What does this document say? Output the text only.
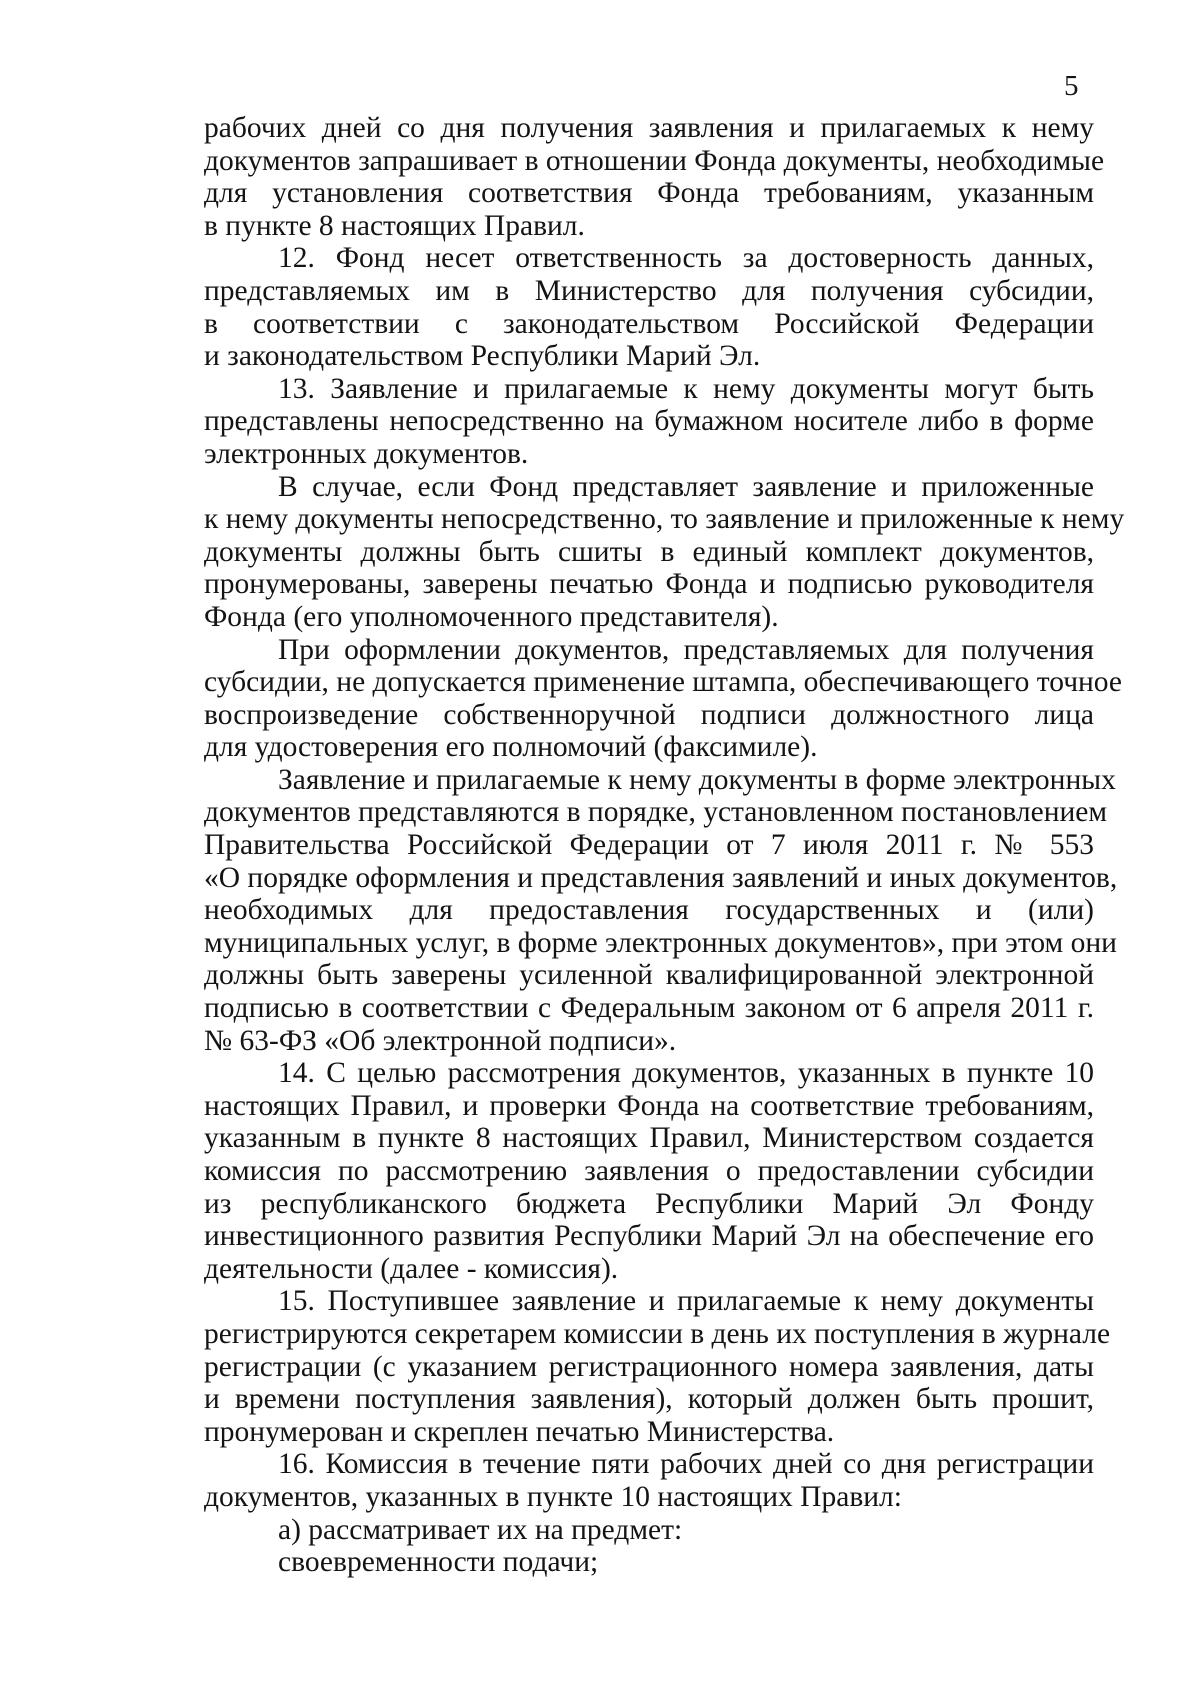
5
рабочих дней со дня получения заявления и прилагаемых к нему
документов запрашивает в отношении Фонда документы, необходимые
для установления соответствия Фонда требованиям, указанным
в пункте 8 настоящих Правил.
12. Фонд несет ответственность за достоверность данных,
представляемых им в Министерство для получения субсидии,
в соответствии с законодательством Российской Федерации
и законодательством Республики Марий Эл.
13. Заявление и прилагаемые к нему документы могут быть
представлены непосредственно на бумажном носителе либо в форме
электронных документов.
В случае, если Фонд представляет заявление и приложенные
к нему документы непосредственно, то заявление и приложенные к нему
документы должны быть сшиты в единый комплект документов,
пронумерованы, заверены печатью Фонда и подписью руководителя
Фонда (его уполномоченного представителя).
При оформлении документов, представляемых для получения
субсидии, не допускается применение штампа, обеспечивающего точное
воспроизведение собственноручной подписи должностного лица
для удостоверения его полномочий (факсимиле).
Заявление и прилагаемые к нему документы в форме электронных
документов представляются в порядке, установленном постановлением
Правительства Российской Федерации от 7 июля 2011 г. № 553
«О порядке оформления и представления заявлений и иных документов,
необходимых для предоставления государственных и (или)
муниципальных услуг, в форме электронных документов», при этом они
должны быть заверены усиленной квалифицированной электронной
подписью в соответствии с Федеральным законом от 6 апреля 2011 г.
№ 63-ФЗ «Об электронной подписи».
14. С целью рассмотрения документов, указанных в пункте 10
настоящих Правил, и проверки Фонда на соответствие требованиям,
указанным в пункте 8 настоящих Правил, Министерством создается
комиссия по рассмотрению заявления о предоставлении субсидии
из республиканского бюджета Республики Марий Эл Фонду
инвестиционного развития Республики Марий Эл на обеспечение его
деятельности (далее - комиссия).
15. Поступившее заявление и прилагаемые к нему документы
регистрируются секретарем комиссии в день их поступления в журнале
регистрации (с указанием регистрационного номера заявления, даты
и времени поступления заявления), который должен быть прошит,
пронумерован и скреплен печатью Министерства.
16. Комиссия в течение пяти рабочих дней со дня регистрации
документов, указанных в пункте 10 настоящих Правил:
а) рассматривает их на предмет:
своевременности подачи;
